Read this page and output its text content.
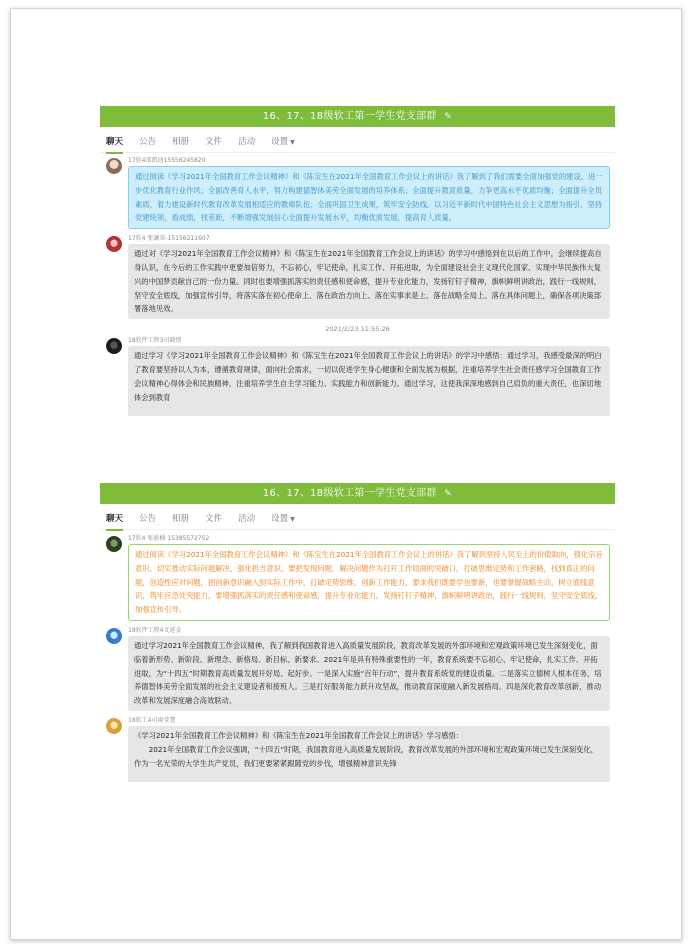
16、17、18级软工第一学生党支部群 ✎
聊天 公告 相册 文件 活动 设置 ▼
17软4邵凯迪15556245820
通过阅读《学习2021年全国教育工作会议精神》和《陈宝生在2021年全国教育工作会议上的讲话》我了解到了我们需要全面加强党的建设，进一步优化教育行业作风；全面改善育人水平，努力构建德智体美劳全面发展的培养体系；全面提升教育质量，力争更高水平优质均衡；全面提升全员素质，着力建设新时代教育改革发展相适应的教师队伍；全面巩固卫生成果，筑牢安全防线。以习近平新时代中国特色社会主义思想为指引，坚持党建统领，看成绩，找差距，不断增强发展信心全面提升发展水平，均衡优质发展，提高育人质量。
17软4 张澜翠-15156211607
通过对《学习2021年全国教育工作会议精神》和《陈宝生在2021年全国教育工作会议上的讲话》的学习中感悟到在以后的工作中，会继续提高自身认识，在今后的工作实践中更要加倍努力，不忘初心，牢记使命，扎实工作、开拓进取，为全面建设社会主义现代化国家、实现中华民族伟大复兴的中国梦贡献自己的一份力量。同时也要增强抓落实的责任感和使命感，提升专业化能力，发扬钉钉子精神，旗帜鲜明讲政治，践行一线规则，坚守安全底线，加强宣传引导，将落实落在初心使命上、落在政治方向上、落在实事求是上、落在战略全局上、落在具体问题上，确保各项决策部署落地见效。
2021/2/23 11:55:26
18软件工程3司晓朋
通过学习《学习2021年全国教育工作会议精神》和《陈宝生在2021年全国教育工作会议上的讲话》的学习中感悟：通过学习，我感受最深的明白了教育要坚持以人为本，遵循教育规律，面向社会需求，一切以促进学生身心健康和全面发展为根据，注重培养学生社会责任感学习全国教育工作会议精神心得体会和民族精神，注重培养学生自主学习能力、实践能力和创新能力。通过学习，这使我深深地感到自己肩负的重大责任，也深切地体会到教育
16、17、18级软工第一学生党支部群 ✎
聊天 公告 相册 文件 活动 设置 ▼
17软4 张骄楠 15385572752
通过阅读《学习2021年全国教育工作会议精神》和《陈宝生在2021年全国教育工作会议上的讲话》我了解到坚持人民至上的价值取向，强化宗旨意识。切实推动实际问题解决，强化担当意识，要把发现问题、解决问题作为打开工作局面的突破口，打破思维定势和工作套路，找到真正的问题，创造性应对问题，把创新意识融入到实际工作中，打破定势思维，创新工作能力，要求我们既要学也要新，也要掌握战略主动，树立底线意识，筑牢应急处突能力，要增强抓落实的责任感和使命感，提升专业化能力，发扬钉钉子精神，旗帜鲜明讲政治，践行一线规则，坚守安全底线，加强宣传引导。
18软件工程4文延金
通过学习2021年全国教育工作会议精神，我了解到我国教育进入高质量发展阶段，教育改革发展的外部环境和宏观政策环境已发生深刻变化，面临着新形势、新阶段、新理念、新格局、新目标、新要求。2021年是具有特殊重要性的一年，教育系统要不忘初心、牢记使命，扎实工作、开拓进取，为“十四五”时期教育高质量发展开好局、起好步。一是深入实施“百年行动”，提升教育系统党的建设质量。二是落实立德树人根本任务，培养德智体美劳全面发展的社会主义建设者和接班人。三是打好服务能力跃升攻坚战，推动教育深度融入新发展格局。四是深化教育改革创新，推动改革和发展深度融合高效联动。
18软工4司雨莹慧
《学习2021年全国教育工作会议精神》和《陈宝生在2021年全国教育工作会议上的讲话》学习感悟：
2021年全国教育工作会议强调，“十四五”时期，我国教育进入高质量发展阶段，教育改革发展的外部环境和宏观政策环境已发生深刻变化，作为一名光荣的大学生共产党员，我们更要紧紧跟随党的步伐，增强精神意识先锋
